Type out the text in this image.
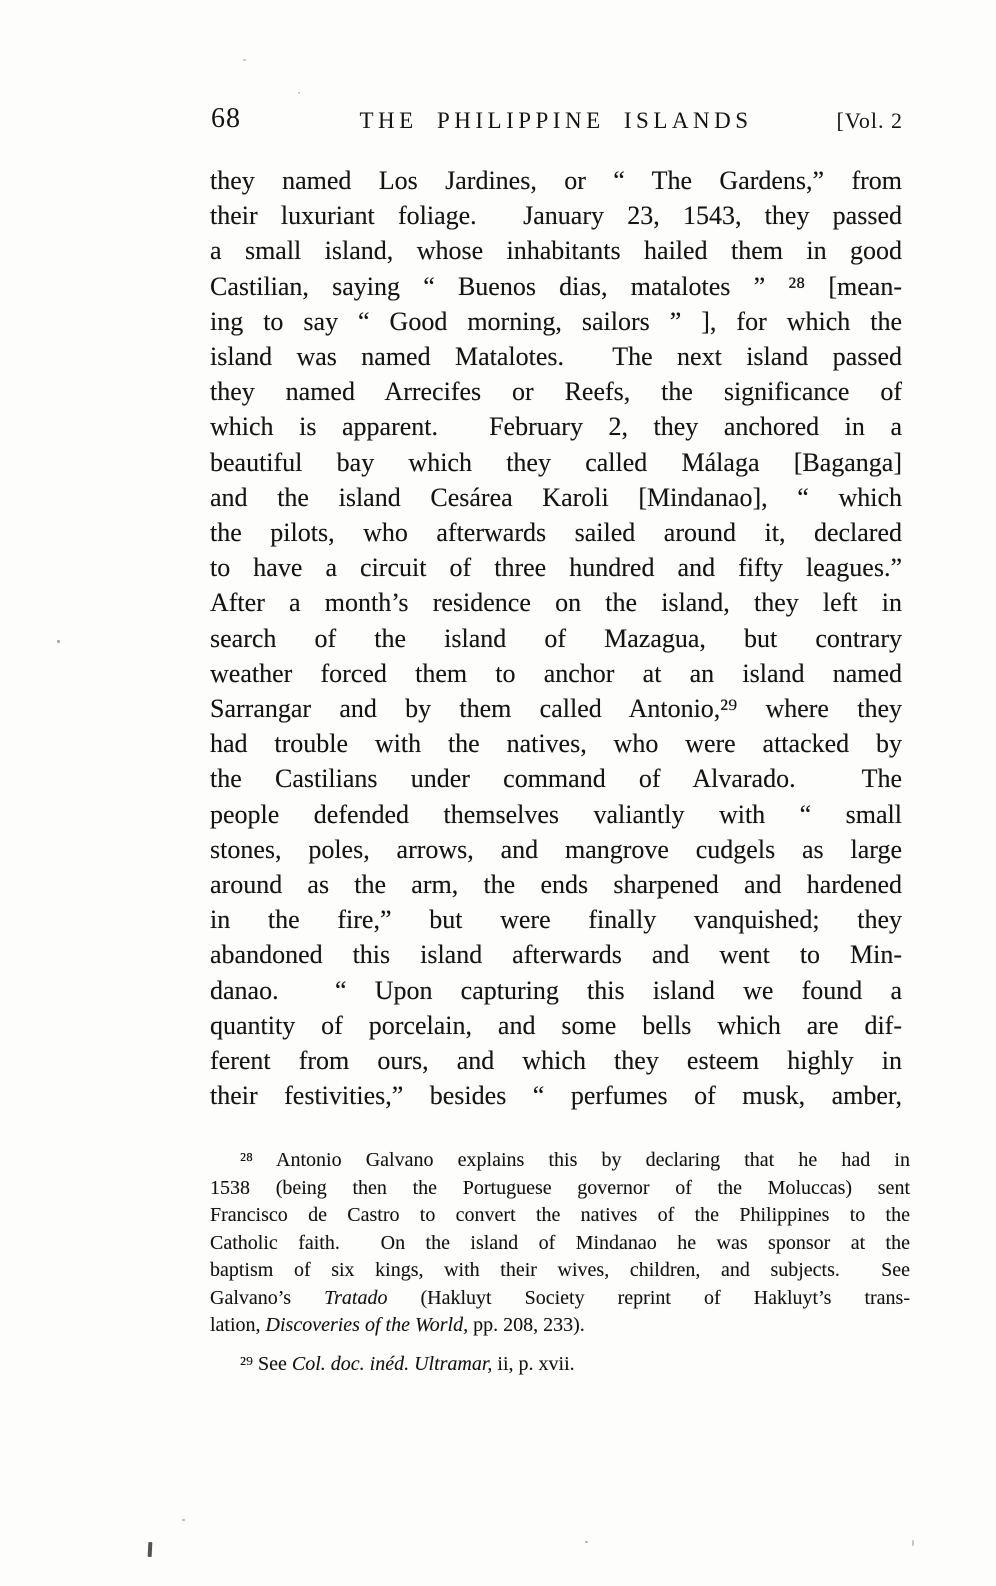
68	THE PHILIPPINE ISLANDS	[Vol. 2
they named Los Jardines, or “ The Gardens,” from
their luxuriant foliage.  January 23, 1543, they passed
a small island, whose inhabitants hailed them in good
Castilian, saying “ Buenos dias, matalotes ” ²⁸ [mean-
ing to say “ Good morning, sailors ” ], for which the
island was named Matalotes.  The next island passed
they named Arrecifes or Reefs, the significance of
which is apparent.  February 2, they anchored in a
beautiful bay which they called Málaga [Baganga]
and the island Cesárea Karoli [Mindanao], “ which
the pilots, who afterwards sailed around it, declared
to have a circuit of three hundred and fifty leagues.”
After a month’s residence on the island, they left in
search of the island of Mazagua, but contrary
weather forced them to anchor at an island named
Sarrangar and by them called Antonio,²⁹ where they
had trouble with the natives, who were attacked by
the Castilians under command of Alvarado.  The
people defended themselves valiantly with “ small
stones, poles, arrows, and mangrove cudgels as large
around as the arm, the ends sharpened and hardened
in the fire,” but were finally vanquished; they
abandoned this island afterwards and went to Min-
danao.  “ Upon capturing this island we found a
quantity of porcelain, and some bells which are dif-
ferent from ours, and which they esteem highly in
their festivities,” besides “ perfumes of musk, amber,
²⁸ Antonio Galvano explains this by declaring that he had in
1538 (being then the Portuguese governor of the Moluccas) sent
Francisco de Castro to convert the natives of the Philippines to the
Catholic faith.  On the island of Mindanao he was sponsor at the
baptism of six kings, with their wives, children, and subjects.  See
Galvano’s Tratado (Hakluyt Society reprint of Hakluyt’s trans-
lation, Discoveries of the World, pp. 208, 233).
²⁹ See Col. doc. inéd. Ultramar, ii, p. xvii.
